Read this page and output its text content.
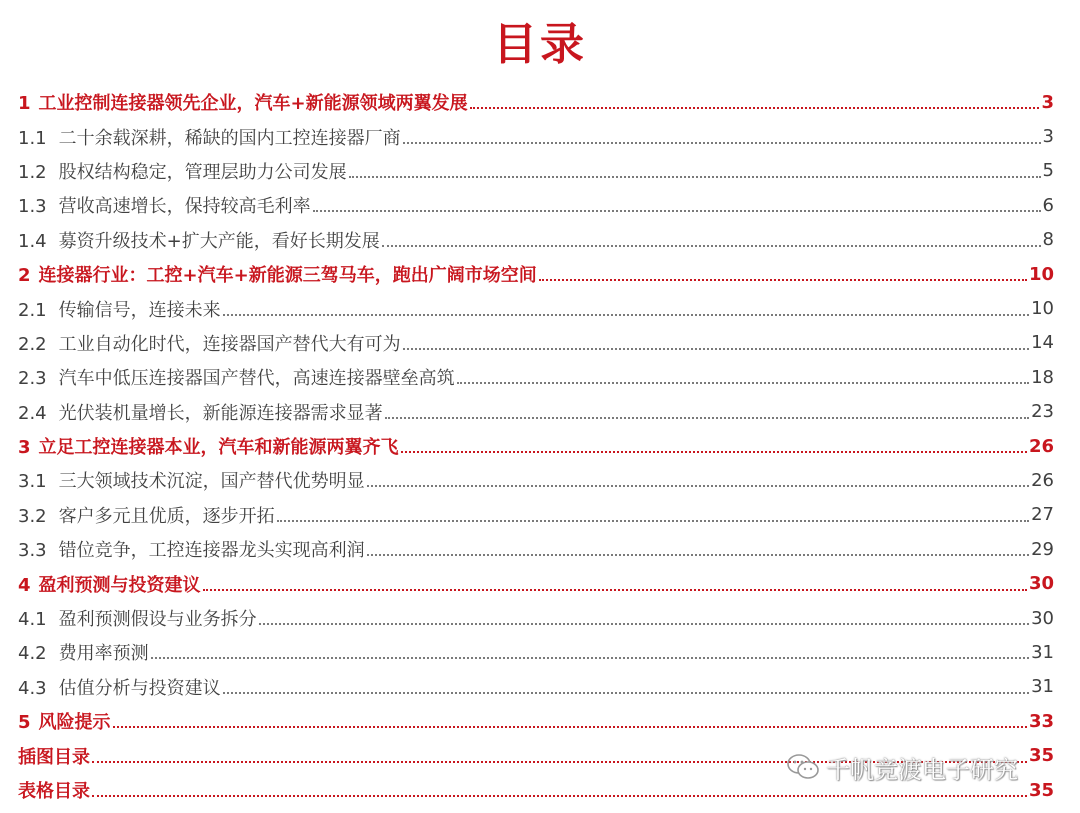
目录
1 工业控制连接器领先企业，汽车+新能源领域两翼发展	3
1.1 二十余载深耕，稀缺的国内工控连接器厂商	3
1.2 股权结构稳定，管理层助力公司发展	5
1.3 营收高速增长，保持较高毛利率	6
1.4 募资升级技术+扩大产能，看好长期发展	8
2 连接器行业：工控+汽车+新能源三驾马车，跑出广阔市场空间	10
2.1 传输信号，连接未来	10
2.2 工业自动化时代，连接器国产替代大有可为	14
2.3 汽车中低压连接器国产替代，高速连接器壁垒高筑	18
2.4 光伏装机量增长，新能源连接器需求显著	23
3 立足工控连接器本业，汽车和新能源两翼齐飞	26
3.1 三大领域技术沉淀，国产替代优势明显	26
3.2 客户多元且优质，逐步开拓	27
3.3 错位竞争，工控连接器龙头实现高利润	29
4 盈利预测与投资建议	30
4.1 盈利预测假设与业务拆分	30
4.2 费用率预测	31
4.3 估值分析与投资建议	31
5 风险提示	33
插图目录	35
表格目录	35
千帆竞渡电子研究
